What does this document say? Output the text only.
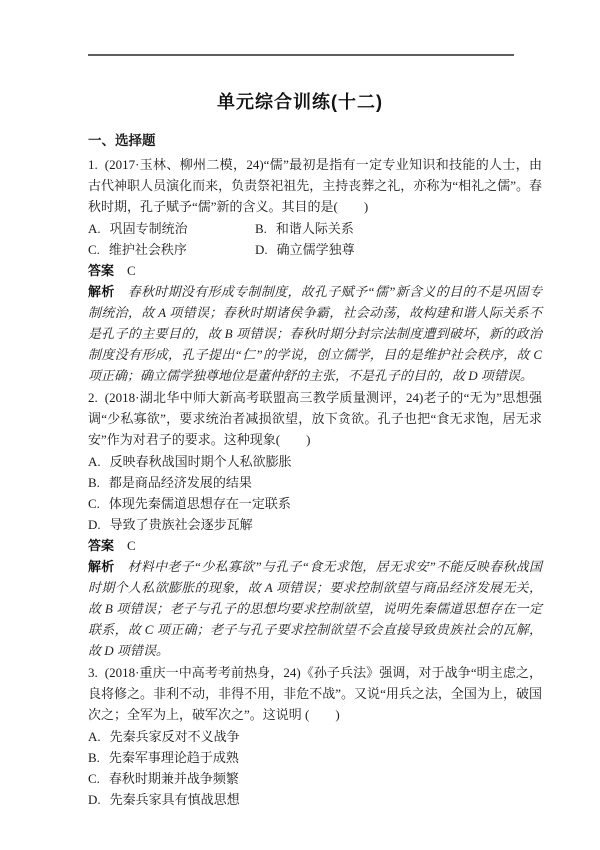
单元综合训练(十二)
一、选择题

1. (2017·玉林、柳州二模，24)“儒”最初是指有一定专业知识和技能的人士，由古代神职人员演化而来，负责祭祀祖先，主持丧葬之礼，亦称为“相礼之儒”。春秋时期，孔子赋予“儒”新的含义。其目的是(　　)

A. 巩固专制统治	B. 和谐人际关系
C. 维护社会秩序	D. 确立儒学独尊

答案 C

解析 春秋时期没有形成专制制度，故孔子赋予“儒”新含义的目的不是巩固专制统治，故 A 项错误；春秋时期诸侯争霸，社会动荡，故构建和谐人际关系不是孔子的主要目的，故 B 项错误；春秋时期分封宗法制度遭到破坏，新的政治制度没有形成，孔子提出“仁”的学说，创立儒学，目的是维护社会秩序，故 C 项正确；确立儒学独尊地位是董仲舒的主张，不是孔子的目的，故 D 项错误。

2. (2018·湖北华中师大新高考联盟高三教学质量测评，24)老子的“无为”思想强调“少私寡欲”，要求统治者减损欲望，放下贪欲。孔子也把“食无求饱，居无求安”作为对君子的要求。这种现象(　　)

A. 反映春秋战国时期个人私欲膨胀
B. 都是商品经济发展的结果
C. 体现先秦儒道思想存在一定联系
D. 导致了贵族社会逐步瓦解

答案 C

解析 材料中老子“少私寡欲”与孔子“食无求饱，居无求安”不能反映春秋战国时期个人私欲膨胀的现象，故 A 项错误；要求控制欲望与商品经济发展无关，故 B 项错误；老子与孔子的思想均要求控制欲望，说明先秦儒道思想存在一定联系，故 C 项正确；老子与孔子要求控制欲望不会直接导致贵族社会的瓦解，故 D 项错误。

3. (2018·重庆一中高考考前热身，24)《孙子兵法》强调，对于战争“明主虑之，良将修之。非利不动，非得不用，非危不战”。又说“用兵之法，全国为上，破国次之；全军为上，破军次之”。这说明 (　　)

A. 先秦兵家反对不义战争
B. 先秦军事理论趋于成熟
C. 春秋时期兼并战争频繁
D. 先秦兵家具有慎战思想
